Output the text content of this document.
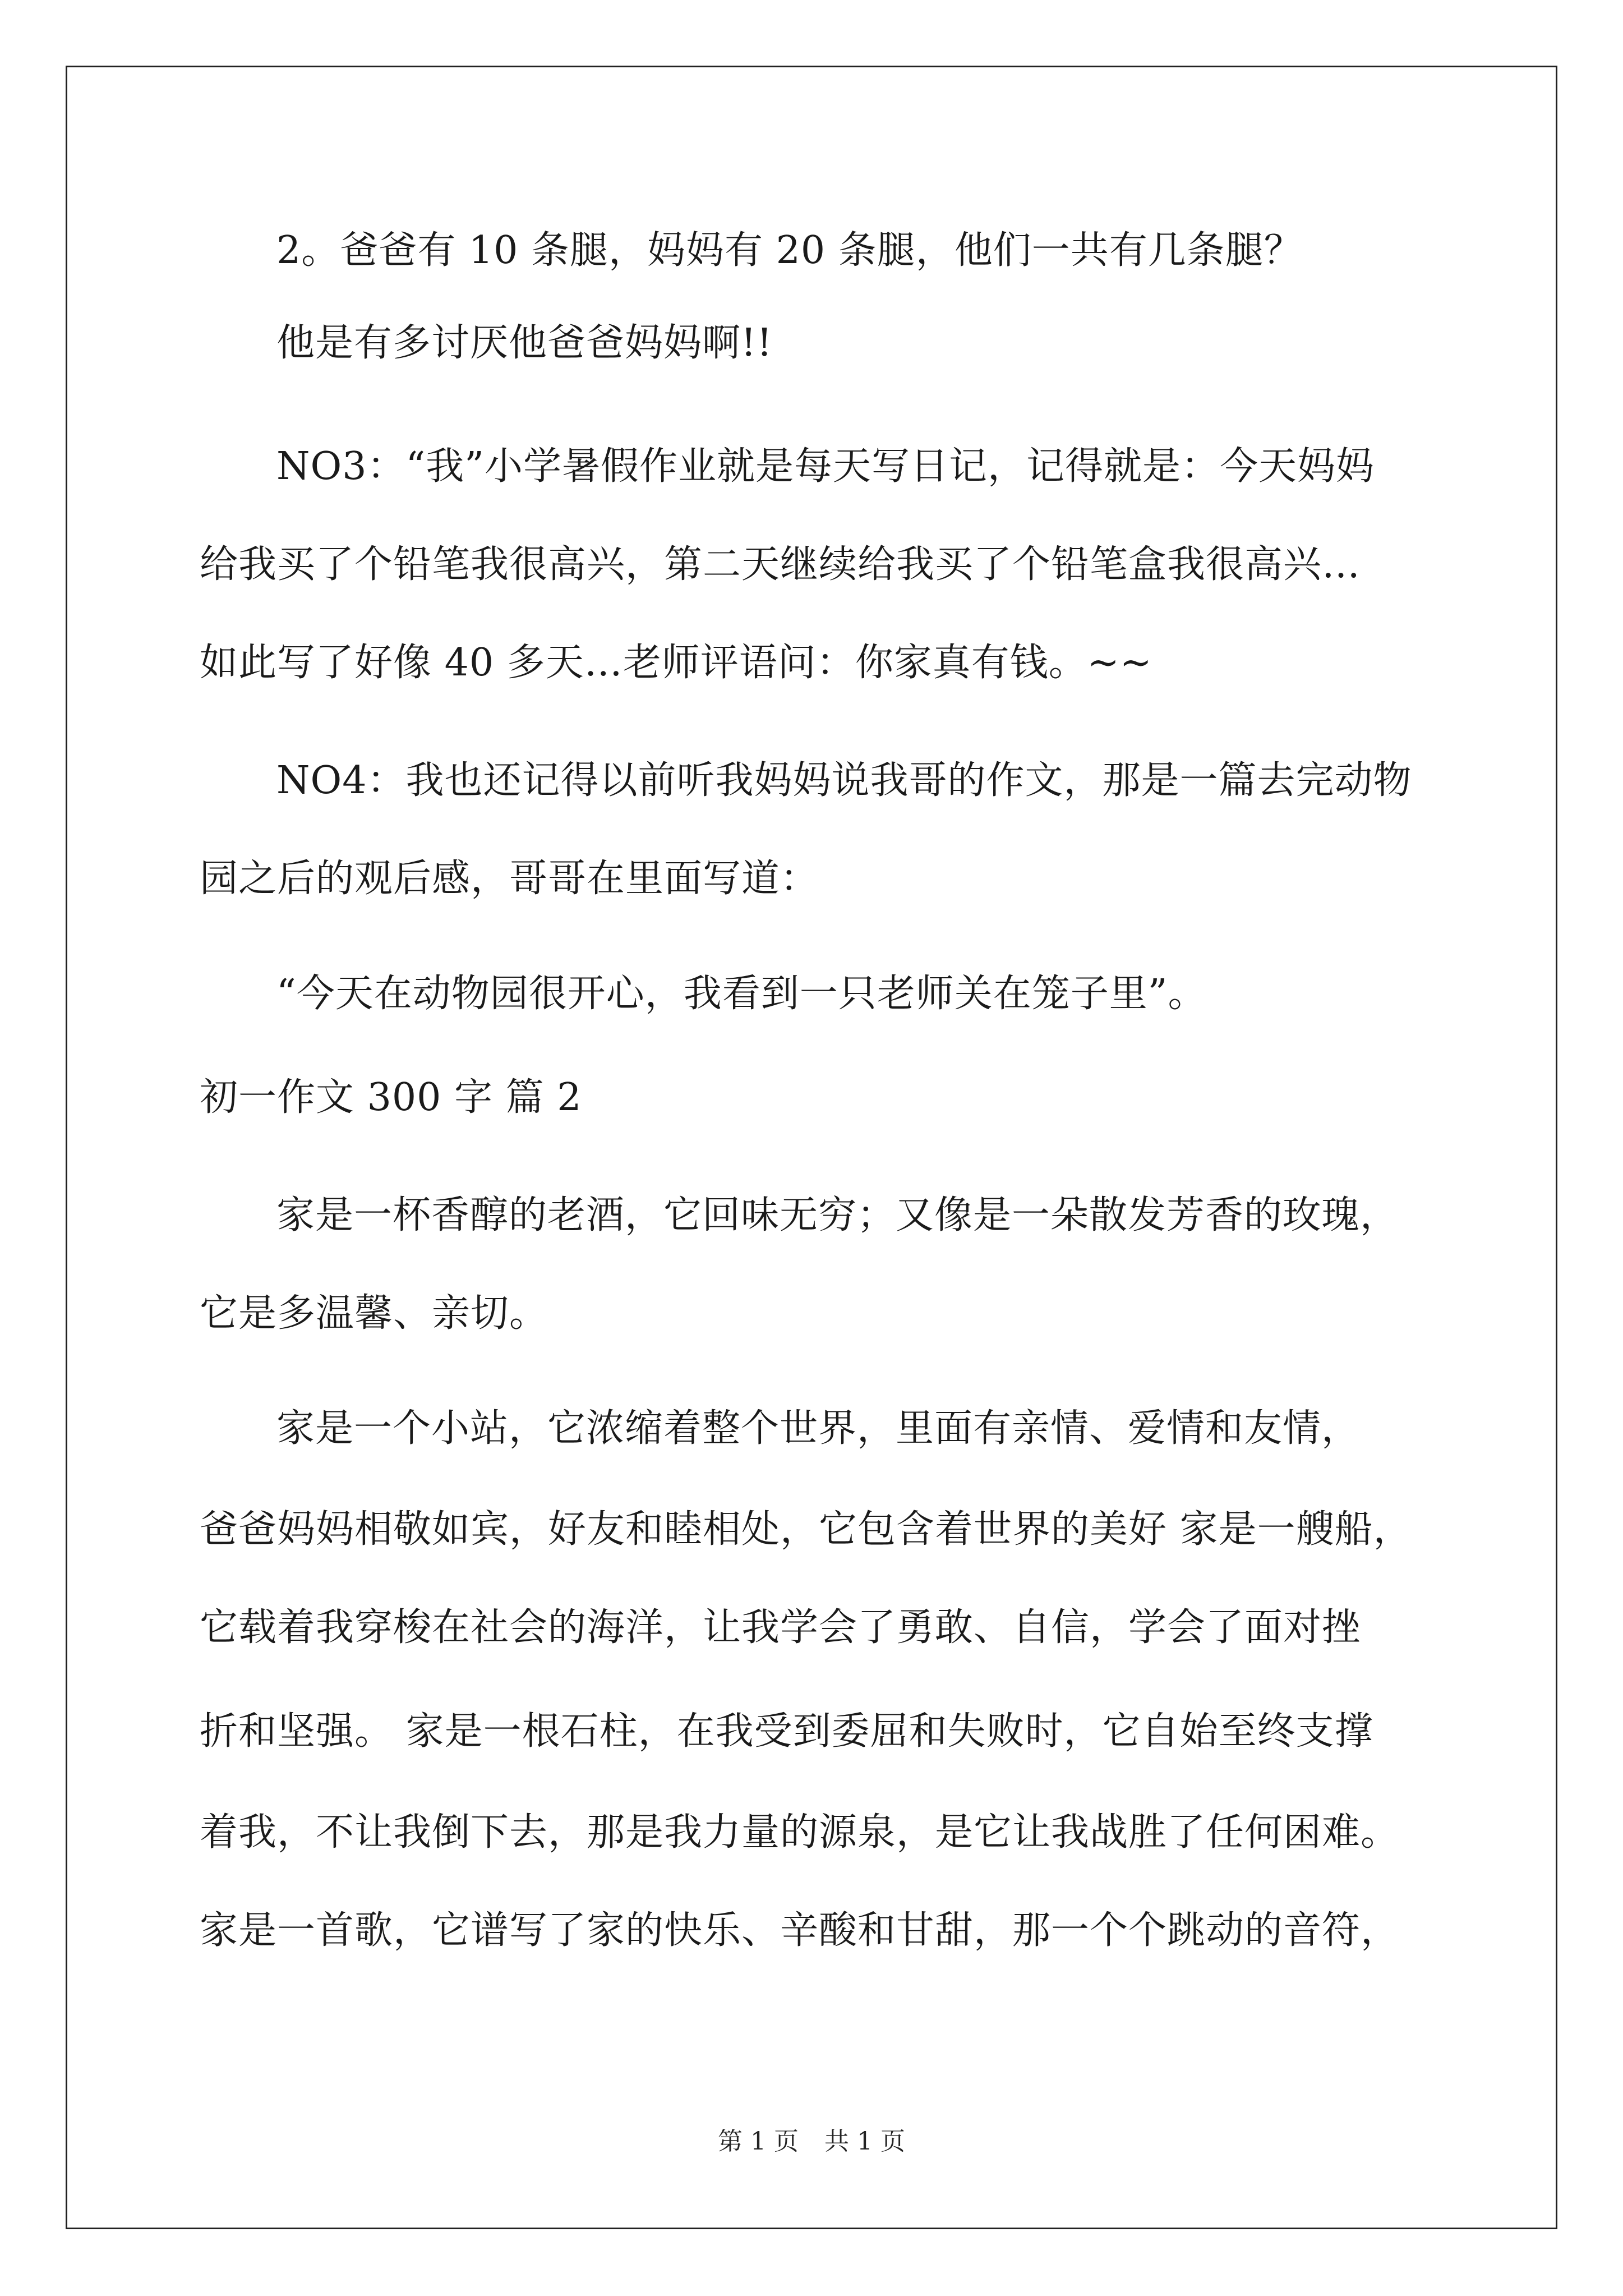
2。爸爸有 10 条腿，妈妈有 20 条腿，他们一共有几条腿？
他是有多讨厌他爸爸妈妈啊!!
NO3：“我”小学暑假作业就是每天写日记，记得就是：今天妈妈
给我买了个铅笔我很高兴，第二天继续给我买了个铅笔盒我很高兴…
如此写了好像 40 多天…老师评语问：你家真有钱。~~
NO4：我也还记得以前听我妈妈说我哥的作文，那是一篇去完动物
园之后的观后感，哥哥在里面写道：
“今天在动物园很开心，我看到一只老师关在笼子里”。
初一作文 300 字 篇 2
家是一杯香醇的老酒，它回味无穷；又像是一朵散发芳香的玫瑰，
它是多温馨、亲切。
家是一个小站，它浓缩着整个世界，里面有亲情、爱情和友情，
爸爸妈妈相敬如宾，好友和睦相处，它包含着世界的美好 家是一艘船，
它载着我穿梭在社会的海洋，让我学会了勇敢、自信，学会了面对挫
折和坚强。 家是一根石柱，在我受到委屈和失败时，它自始至终支撑
着我，不让我倒下去，那是我力量的源泉，是它让我战胜了任何困难。
家是一首歌，它谱写了家的快乐、辛酸和甘甜，那一个个跳动的音符，
第 1 页 共 1 页
